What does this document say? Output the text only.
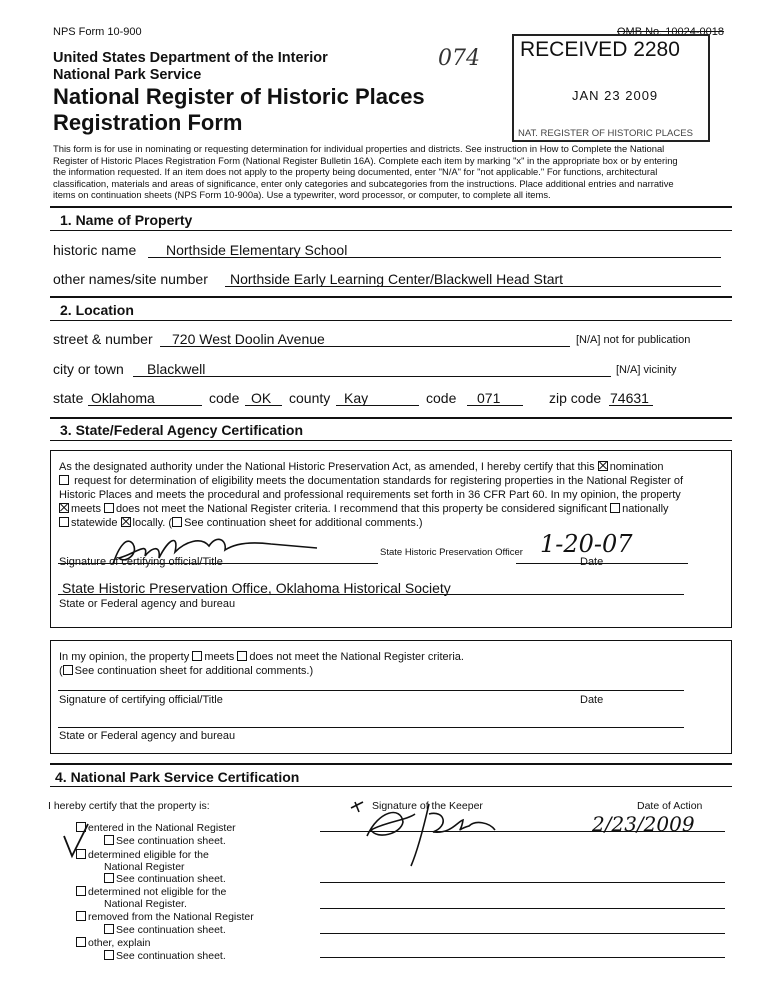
NPS Form 10-900	OMB No. 10024-0018
United States Department of the Interior
National Park Service
National Register of Historic Places
Registration Form
074 RECEIVED 2280
JAN 23 2009
NAT. REGISTER OF HISTORIC PLACES
This form is for use in nominating or requesting determination for individual properties and districts. See instruction in How to Complete the National
Register of Historic Places Registration Form (National Register Bulletin 16A). Complete each item by marking "x" in the appropriate box or by entering
the information requested. If an item does not apply to the property being documented, enter "N/A" for "not applicable." For functions, architectural
classification, materials and areas of significance, enter only categories and subcategories from the instructions. Place additional entries and narrative
items on continuation sheets (NPS Form 10-900a). Use a typewriter, word processor, or computer, to complete all items.
1. Name of Property
historic name Northside Elementary School
other names/site number Northside Early Learning Center/Blackwell Head Start
2. Location
street & number 720 West Doolin Avenue	[N/A] not for publication
city or town Blackwell	[N/A] vicinity
state Oklahoma	code OK county Kay	code 071	zip code 74631
3. State/Federal Agency Certification
As the designated authority under the National Historic Preservation Act, as amended, I hereby certify that this nomination
request for determination of eligibility meets the documentation standards for registering properties in the National Register of
Historic Places and meets the procedural and professional requirements set forth in 36 CFR Part 60. In my opinion, the property
meets does not meet the National Register criteria. I recommend that this property be considered significant nationally
statewide locally. ( See continuation sheet for additional comments.)
State Historic Preservation Officer 1-20-07
Signature of certifying official/Title	Date
State Historic Preservation Office, Oklahoma Historical Society
State or Federal agency and bureau
In my opinion, the property meets does not meet the National Register criteria.
( See continuation sheet for additional comments.)
Signature of certifying official/Title	Date
State or Federal agency and bureau
4. National Park Service Certification
I hereby certify that the property is:	Signature of the Keeper	Date of Action
2/23/2009
entered in the National Register
See continuation sheet.
determined eligible for the
National Register
See continuation sheet.
determined not eligible for the
National Register.
removed from the National Register
See continuation sheet.
other, explain
See continuation sheet.
